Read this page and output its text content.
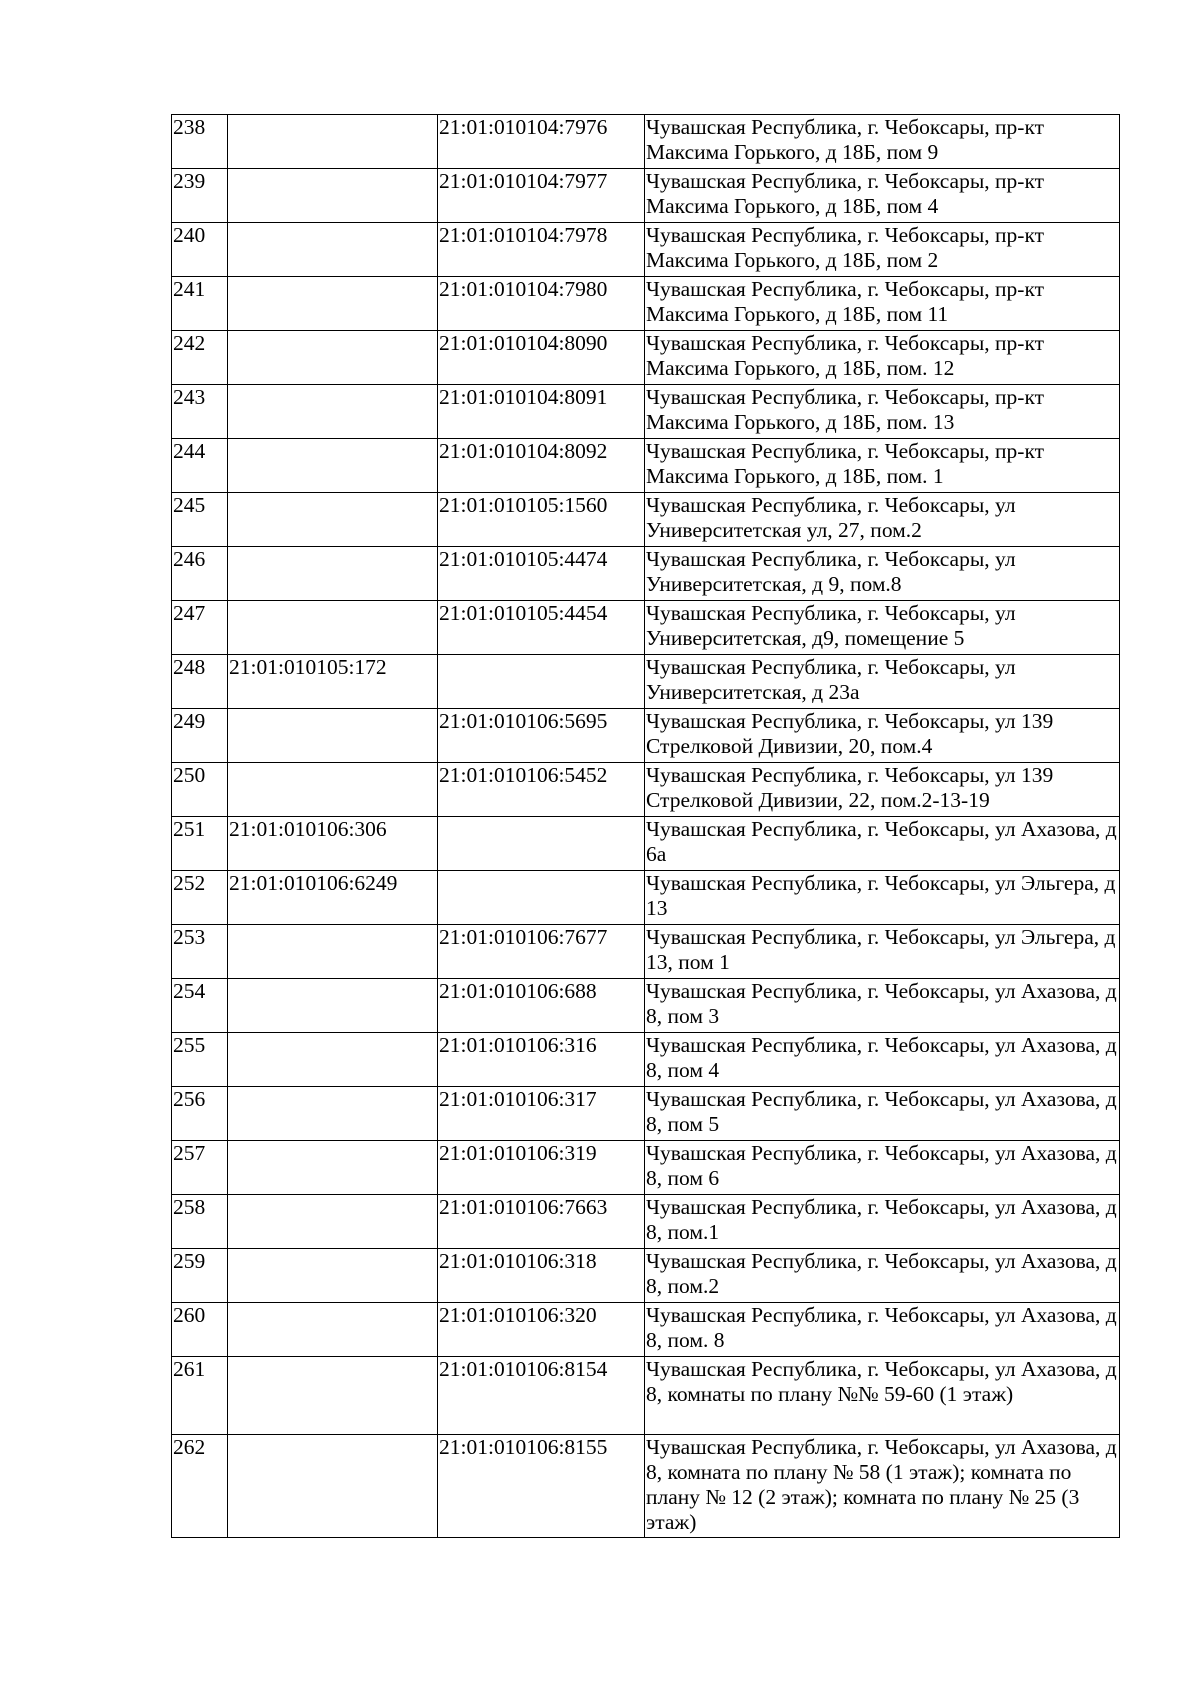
238		21:01:010104:7976	Чувашская Республика, г. Чебоксары, пр-кт Максима Горького, д 18Б, пом 9
239		21:01:010104:7977	Чувашская Республика, г. Чебоксары, пр-кт Максима Горького, д 18Б, пом 4
240		21:01:010104:7978	Чувашская Республика, г. Чебоксары, пр-кт Максима Горького, д 18Б, пом 2
241		21:01:010104:7980	Чувашская Республика, г. Чебоксары, пр-кт Максима Горького, д 18Б, пом 11
242		21:01:010104:8090	Чувашская Республика, г. Чебоксары, пр-кт Максима Горького, д 18Б, пом. 12
243		21:01:010104:8091	Чувашская Республика, г. Чебоксары, пр-кт Максима Горького, д 18Б, пом. 13
244		21:01:010104:8092	Чувашская Республика, г. Чебоксары, пр-кт Максима Горького, д 18Б, пом. 1
245		21:01:010105:1560	Чувашская Республика, г. Чебоксары, ул Университетская ул, 27, пом.2
246		21:01:010105:4474	Чувашская Республика, г. Чебоксары, ул Университетская, д 9, пом.8
247		21:01:010105:4454	Чувашская Республика, г. Чебоксары, ул Университетская, д9, помещение 5
248	21:01:010105:172		Чувашская Республика, г. Чебоксары, ул Университетская, д 23а
249		21:01:010106:5695	Чувашская Республика, г. Чебоксары, ул 139 Стрелковой Дивизии, 20, пом.4
250		21:01:010106:5452	Чувашская Республика, г. Чебоксары, ул 139 Стрелковой Дивизии, 22, пом.2-13-19
251	21:01:010106:306		Чувашская Республика, г. Чебоксары, ул Ахазова, д 6а
252	21:01:010106:6249		Чувашская Республика, г. Чебоксары, ул Эльгера, д 13
253		21:01:010106:7677	Чувашская Республика, г. Чебоксары, ул Эльгера, д 13, пом 1
254		21:01:010106:688	Чувашская Республика, г. Чебоксары, ул Ахазова, д 8, пом 3
255		21:01:010106:316	Чувашская Республика, г. Чебоксары, ул Ахазова, д 8, пом 4
256		21:01:010106:317	Чувашская Республика, г. Чебоксары, ул Ахазова, д 8, пом 5
257		21:01:010106:319	Чувашская Республика, г. Чебоксары, ул Ахазова, д 8, пом 6
258		21:01:010106:7663	Чувашская Республика, г. Чебоксары, ул Ахазова, д 8, пом.1
259		21:01:010106:318	Чувашская Республика, г. Чебоксары, ул Ахазова, д 8, пом.2
260		21:01:010106:320	Чувашская Республика, г. Чебоксары, ул Ахазова, д 8, пом. 8
261		21:01:010106:8154	Чувашская Республика, г. Чебоксары, ул Ахазова, д 8, комнаты по плану №№ 59-60 (1 этаж)
262		21:01:010106:8155	Чувашская Республика, г. Чебоксары, ул Ахазова, д 8, комната по плану № 58 (1 этаж); комната по плану № 12 (2 этаж); комната по плану № 25 (3 этаж)
